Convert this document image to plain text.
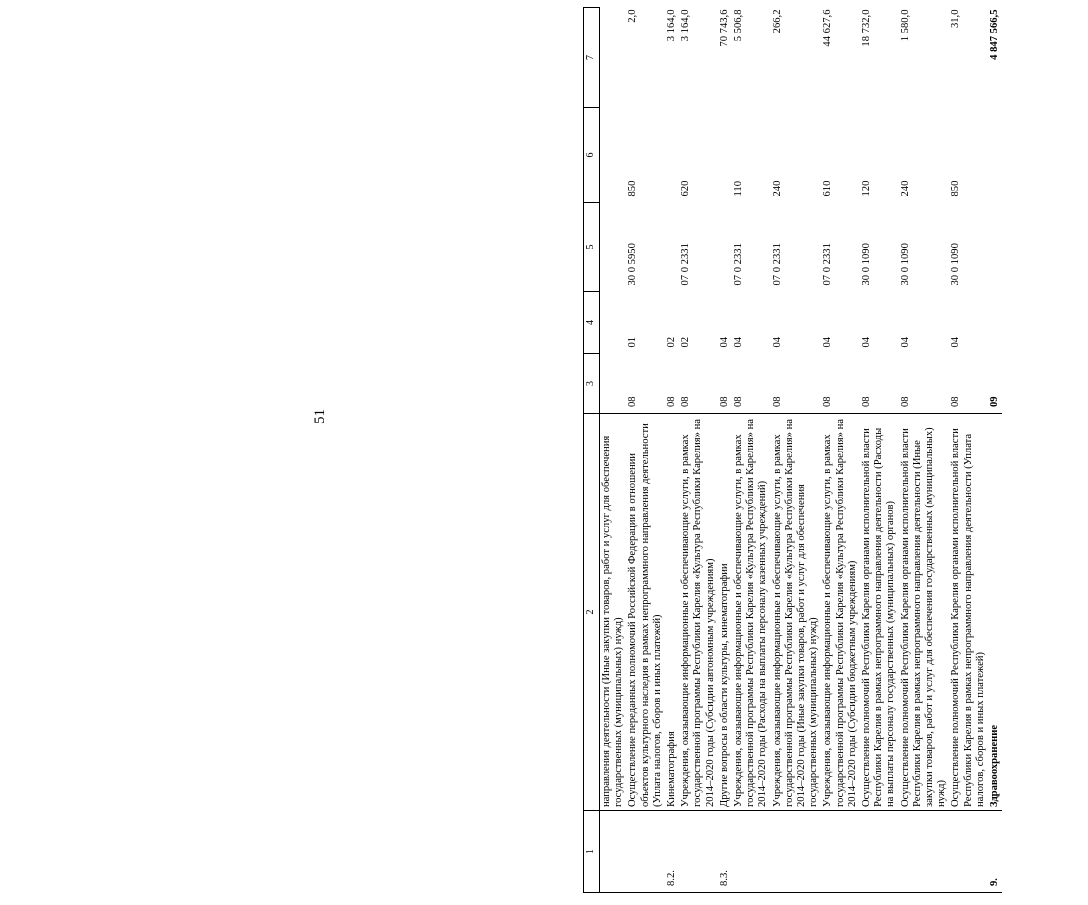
51
1	2	3	4	5	6	7
	направления деятельности (Иные закупки товаров, работ и услуг для обеспечения государственных (муниципальных) нужд)					
	Осуществление переданных полномочий Российской Федерации в отношении объектов культурного наследия в рамках непрограммного направления деятельности (Уплата налогов, сборов и иных платежей)	08	01	30 0 5950	850	2,0
8.2.	Кинематография	08	02			3 164,0
	Учреждения, оказывающие информационные и обеспечивающие услуги, в рамках государственной программы Республики Карелия «Культура Республики Карелия» на 2014–2020 годы (Субсидии автономным учреждениям)	08	02	07 0 2331	620	3 164,0
8.3.	Другие вопросы в области культуры, кинематографии	08	04			70 743,6
	Учреждения, оказывающие информационные и обеспечивающие услуги, в рамках государственной программы Республики Карелия «Культура Республики Карелия» на 2014–2020 годы (Расходы на выплаты персоналу казенных учреждений)	08	04	07 0 2331	110	5 506,8
	Учреждения, оказывающие информационные и обеспечивающие услуги, в рамках государственной программы Республики Карелия «Культура Республики Карелия» на 2014–2020 годы (Иные закупки товаров, работ и услуг для обеспечения государственных (муниципальных) нужд)	08	04	07 0 2331	240	266,2
	Учреждения, оказывающие информационные и обеспечивающие услуги, в рамках государственной программы Республики Карелия «Культура Республики Карелия» на 2014–2020 годы (Субсидии бюджетным учреждениям)	08	04	07 0 2331	610	44 627,6
	Осуществление полномочий Республики Карелия органами исполнительной власти Республики Карелия в рамках непрограммного направления деятельности (Расходы на выплаты персоналу государственных (муниципальных) органов)	08	04	30 0 1090	120	18 732,0
	Осуществление полномочий Республики Карелия органами исполнительной власти Республики Карелия в рамках непрограммного направления деятельности (Иные закупки товаров, работ и услуг для обеспечения государственных (муниципальных) нужд)	08	04	30 0 1090	240	1 580,0
	Осуществление полномочий Республики Карелия органами исполнительной власти Республики Карелия в рамках непрограммного направления деятельности (Уплата налогов, сборов и иных платежей)	08	04	30 0 1090	850	31,0
9.	Здравоохранение	09				4 847 566,5
